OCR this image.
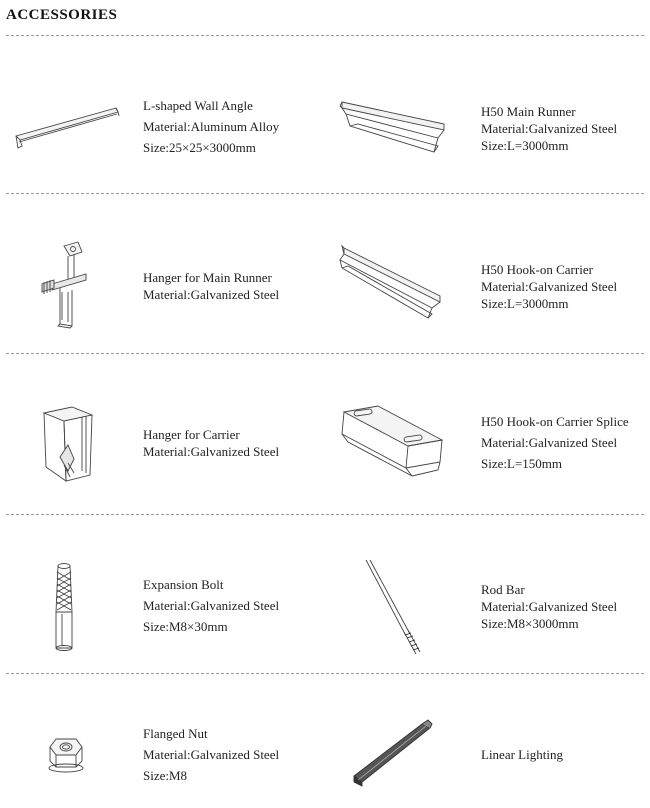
ACCESSORIES
L-shaped Wall Angle
Material:Aluminum Alloy
Size:25×25×3000mm
H50 Main Runner
Material:Galvanized Steel
Size:L=3000mm
Hanger for Main Runner
Material:Galvanized Steel
H50 Hook-on Carrier
Material:Galvanized Steel
Size:L=3000mm
Hanger for Carrier
Material:Galvanized Steel
H50 Hook-on Carrier Splice
Material:Galvanized Steel
Size:L=150mm
Expansion Bolt
Material:Galvanized Steel
Size:M8×30mm
Rod Bar
Material:Galvanized Steel
Size:M8×3000mm
Flanged Nut
Material:Galvanized Steel
Size:M8
Linear Lighting
